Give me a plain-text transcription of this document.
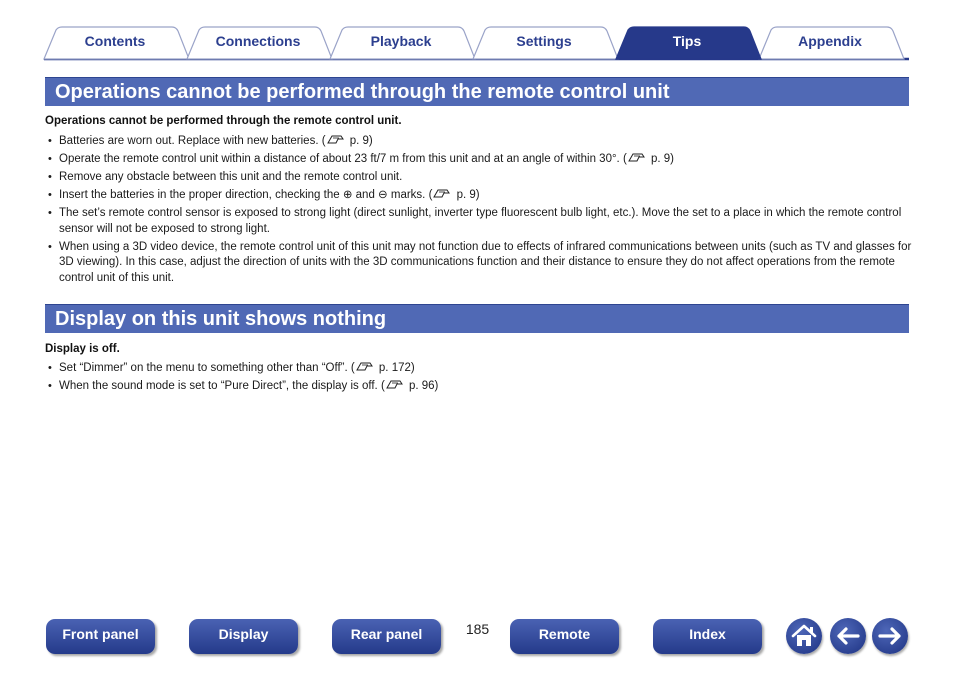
Contents	Connections	Playback	Settings	Tips	Appendix
Operations cannot be performed through the remote control unit
Operations cannot be performed through the remote control unit.
• Batteries are worn out. Replace with new batteries. ( p. 9)
• Operate the remote control unit within a distance of about 23 ft/7 m from this unit and at an angle of within 30°. ( p. 9)
• Remove any obstacle between this unit and the remote control unit.
• Insert the batteries in the proper direction, checking the ⊕ and ⊖ marks. ( p. 9)
• The set’s remote control sensor is exposed to strong light (direct sunlight, inverter type fluorescent bulb light, etc.). Move the set to a place in which the remote control sensor will not be exposed to strong light.
• When using a 3D video device, the remote control unit of this unit may not function due to effects of infrared communications between units (such as TV and glasses for 3D viewing). In this case, adjust the direction of units with the 3D communications function and their distance to ensure they do not affect operations from the remote control unit of this unit.
Display on this unit shows nothing
Display is off.
• Set “Dimmer” on the menu to something other than “Off”. ( p. 172)
• When the sound mode is set to “Pure Direct”, the display is off. ( p. 96)
Front panel	Display	Rear panel	185	Remote	Index
